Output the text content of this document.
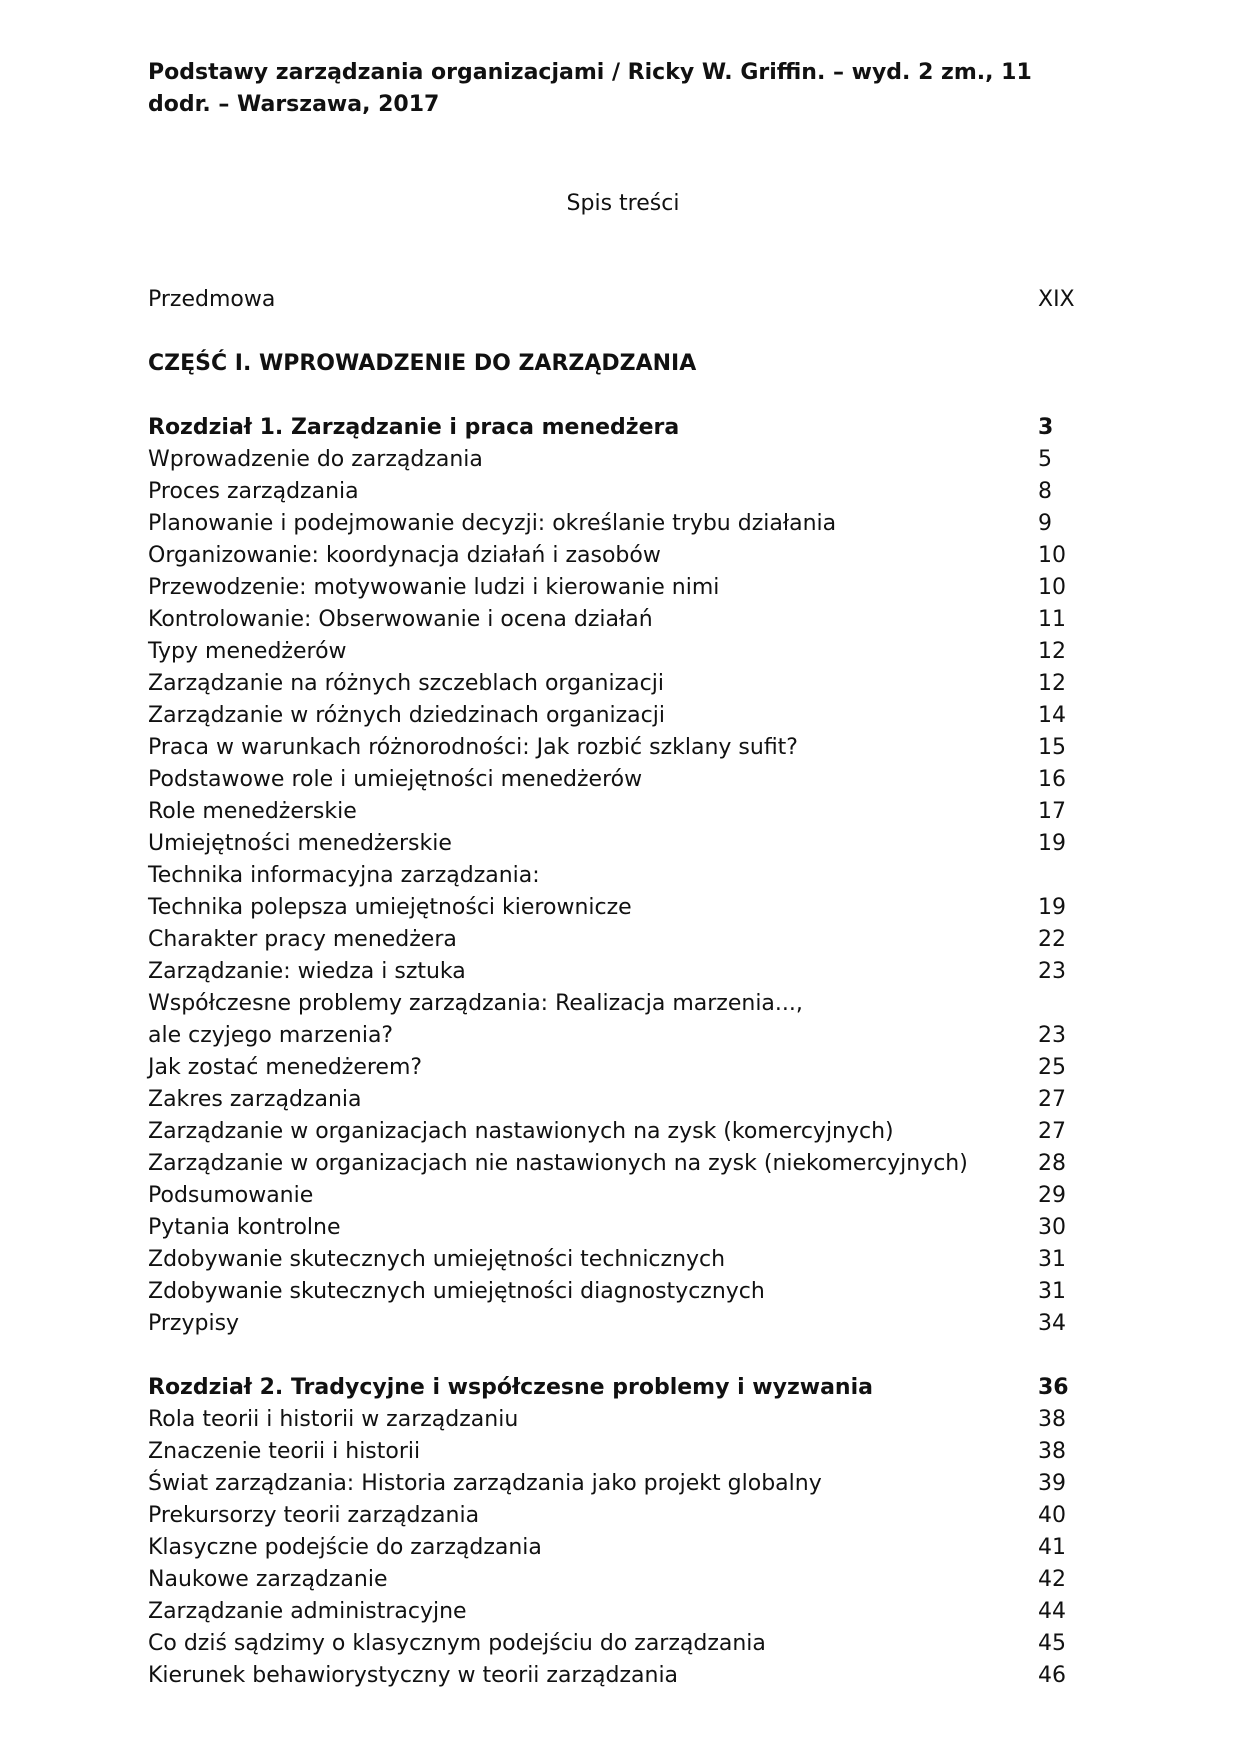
Podstawy zarządzania organizacjami / Ricky W. Griffin. – wyd. 2 zm., 11
dodr. – Warszawa, 2017
Spis treści
Przedmowa	XIX
CZĘŚĆ I. WPROWADZENIE DO ZARZĄDZANIA
Rozdział 1. Zarządzanie i praca menedżera	3
Wprowadzenie do zarządzania	5
Proces zarządzania	8
Planowanie i podejmowanie decyzji: określanie trybu działania	9
Organizowanie: koordynacja działań i zasobów	10
Przewodzenie: motywowanie ludzi i kierowanie nimi	10
Kontrolowanie: Obserwowanie i ocena działań	11
Typy menedżerów	12
Zarządzanie na różnych szczeblach organizacji	12
Zarządzanie w różnych dziedzinach organizacji	14
Praca w warunkach różnorodności: Jak rozbić szklany sufit?	15
Podstawowe role i umiejętności menedżerów	16
Role menedżerskie	17
Umiejętności menedżerskie	19
Technika informacyjna zarządzania:
Technika polepsza umiejętności kierownicze	19
Charakter pracy menedżera	22
Zarządzanie: wiedza i sztuka	23
Współczesne problemy zarządzania: Realizacja marzenia...,
ale czyjego marzenia?	23
Jak zostać menedżerem?	25
Zakres zarządzania	27
Zarządzanie w organizacjach nastawionych na zysk (komercyjnych)	27
Zarządzanie w organizacjach nie nastawionych na zysk (niekomercyjnych)	28
Podsumowanie	29
Pytania kontrolne	30
Zdobywanie skutecznych umiejętności technicznych	31
Zdobywanie skutecznych umiejętności diagnostycznych	31
Przypisy	34
Rozdział 2. Tradycyjne i współczesne problemy i wyzwania	36
Rola teorii i historii w zarządzaniu	38
Znaczenie teorii i historii	38
Świat zarządzania: Historia zarządzania jako projekt globalny	39
Prekursorzy teorii zarządzania	40
Klasyczne podejście do zarządzania	41
Naukowe zarządzanie	42
Zarządzanie administracyjne	44
Co dziś sądzimy o klasycznym podejściu do zarządzania	45
Kierunek behawiorystyczny w teorii zarządzania	46
